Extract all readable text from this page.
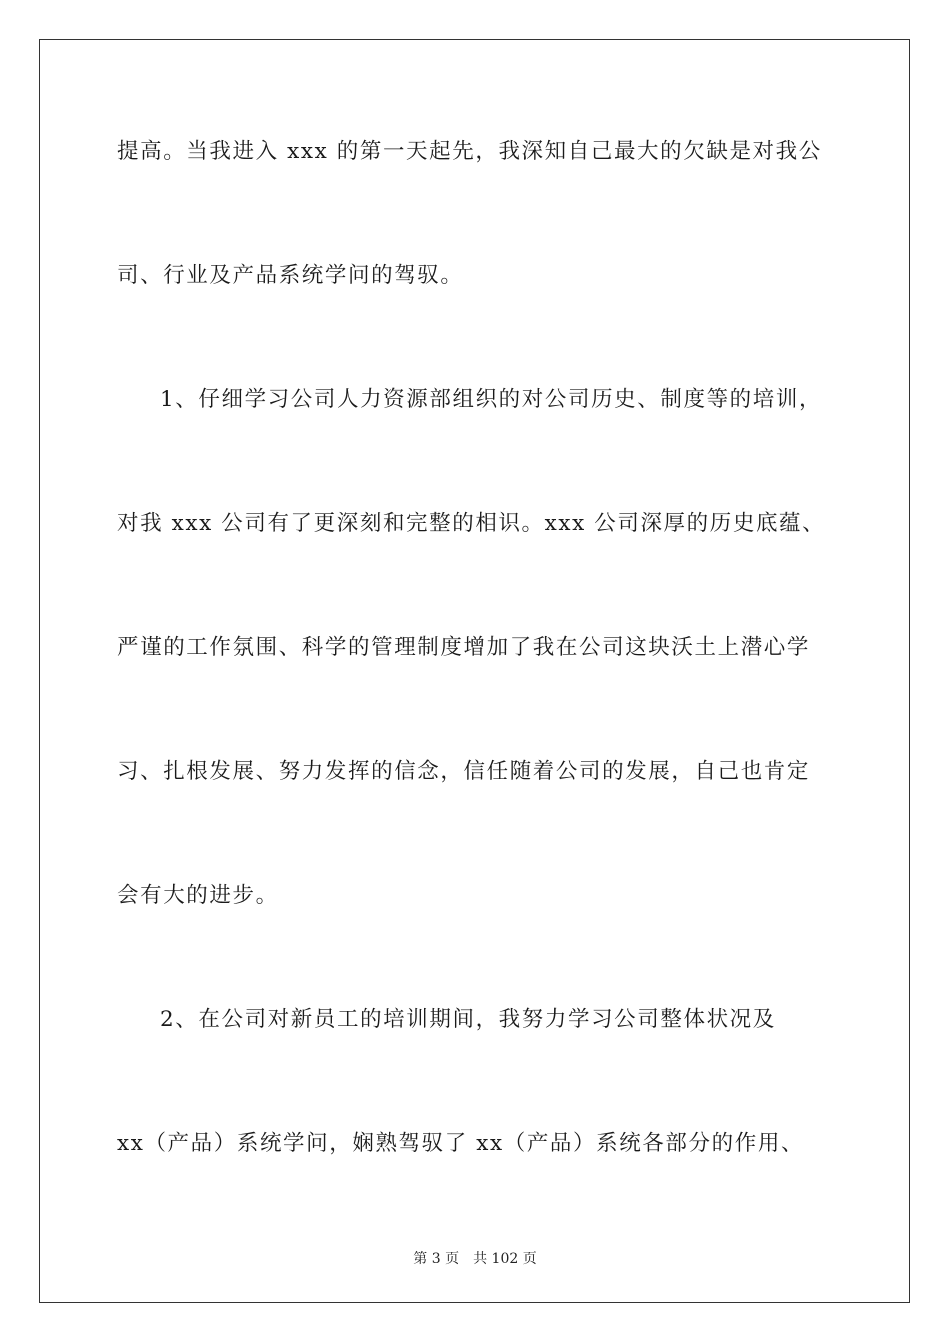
提高。当我进入 xxx 的第一天起先，我深知自己最大的欠缺是对我公
司、行业及产品系统学问的驾驭。
1、仔细学习公司人力资源部组织的对公司历史、制度等的培训，
对我 xxx 公司有了更深刻和完整的相识。xxx 公司深厚的历史底蕴、
严谨的工作氛围、科学的管理制度增加了我在公司这块沃土上潜心学
习、扎根发展、努力发挥的信念，信任随着公司的发展，自己也肯定
会有大的进步。
2、在公司对新员工的培训期间，我努力学习公司整体状况及
xx（产品）系统学问，娴熟驾驭了 xx（产品）系统各部分的作用、
第 3 页　共 102 页
